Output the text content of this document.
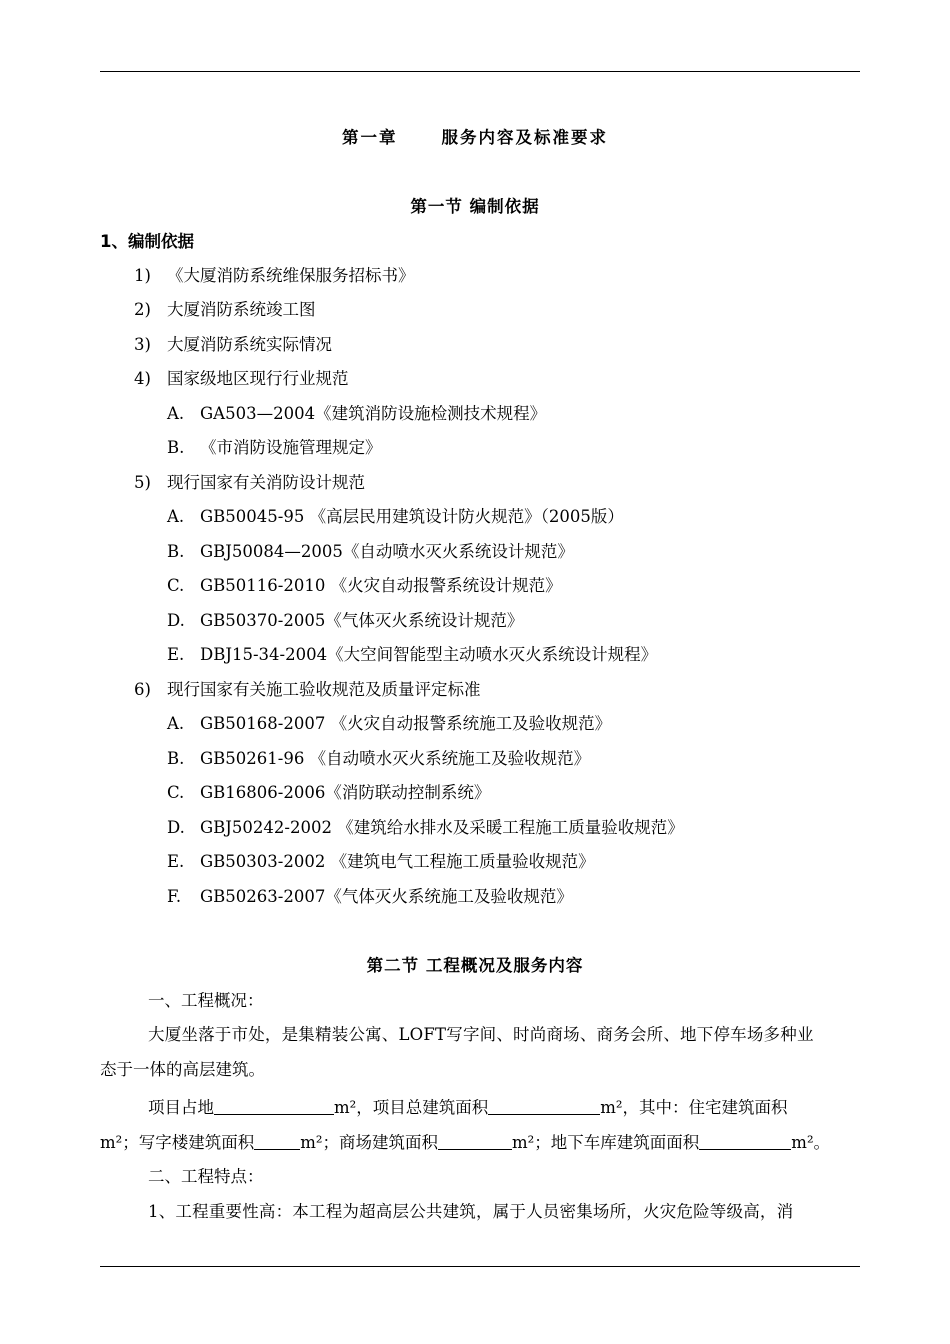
第一章	服务内容及标准要求
第一节 编制依据
1、编制依据
1) 《大厦消防系统维保服务招标书》
2) 大厦消防系统竣工图
3) 大厦消防系统实际情况
4) 国家级地区现行行业规范
A. GA503—2004《建筑消防设施检测技术规程》
B. 《市消防设施管理规定》
5) 现行国家有关消防设计规范
A. GB50045-95 《高层民用建筑设计防火规范》（2005版）
B. GBJ50084—2005《自动喷水灭火系统设计规范》
C. GB50116-2010 《火灾自动报警系统设计规范》
D. GB50370-2005《气体灭火系统设计规范》
E. DBJ15-34-2004《大空间智能型主动喷水灭火系统设计规程》
6) 现行国家有关施工验收规范及质量评定标准
A. GB50168-2007 《火灾自动报警系统施工及验收规范》
B. GB50261-96 《自动喷水灭火系统施工及验收规范》
C. GB16806-2006《消防联动控制系统》
D. GBJ50242-2002 《建筑给水排水及采暖工程施工质量验收规范》
E. GB50303-2002 《建筑电气工程施工质量验收规范》
F. GB50263-2007《气体灭火系统施工及验收规范》
第二节 工程概况及服务内容
一、工程概况：
大厦坐落于市处，是集精装公寓、LOFT写字间、时尚商场、商务会所、地下停车场多种业
态于一体的高层建筑。
项目占地	m²，项目总建筑面积	m²，其中：住宅建筑面积
m²；写字楼建筑面积	m²；商场建筑面积	m²；地下车库建筑面面积	m²。
二、工程特点：
1、工程重要性高：本工程为超高层公共建筑，属于人员密集场所，火灾危险等级高，消
